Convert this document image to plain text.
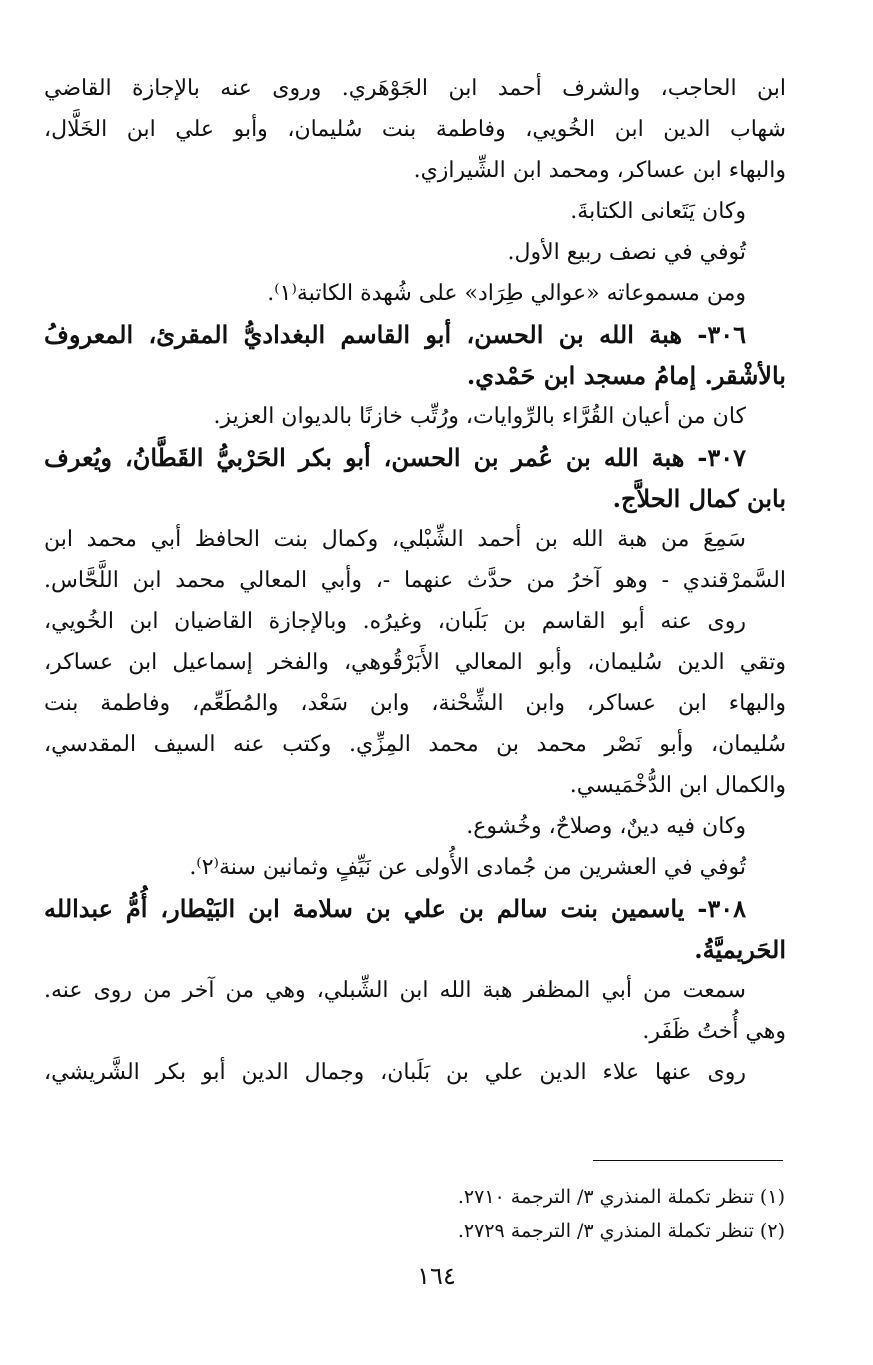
ابن الحاجب، والشرف أحمد ابن الجَوْهَري. وروى عنه بالإجازة القاضي
شهاب الدين ابن الخُويي، وفاطمة بنت سُليمان، وأبو علي ابن الخَلَّال،
والبهاء ابن عساكر، ومحمد ابن الشِّيرازي.
وكان يَتَعانى الكتابةَ.
تُوفي في نصف ربيع الأول.
ومن مسموعاته «عوالي طِرَاد» على شُهدة الكاتبة⁽١⁾.
٣٠٦- هبة الله بن الحسن، أبو القاسم البغداديُّ المقرئ، المعروفُ
بالأشْقر. إمامُ مسجد ابن حَمْدي.
كان من أعيان القُرَّاء بالرِّوايات، ورُتِّب خازنًا بالديوان العزيز.
٣٠٧- هبة الله بن عُمر بن الحسن، أبو بكر الحَرْبيُّ القَطَّانُ، ويُعرف
بابن كمال الحلاَّج.
سَمِعَ من هبة الله بن أحمد الشِّبْلي، وكمال بنت الحافظ أبي محمد ابن
السَّمرْقندي - وهو آخرُ من حدَّث عنهما -، وأبي المعالي محمد ابن اللَّحَّاس.
روى عنه أبو القاسم بن بَلَبان، وغيرُه. وبالإجازة القاضيان ابن الخُويي،
وتقي الدين سُليمان، وأبو المعالي الأَبَرْقُوهي، والفخر إسماعيل ابن عساكر،
والبهاء ابن عساكر، وابن الشِّحْنة، وابن سَعْد، والمُطَعِّم، وفاطمة بنت
سُليمان، وأبو نَصْر محمد بن محمد المِزِّي. وكتب عنه السيف المقدسي،
والكمال ابن الدُّخْمَيسي.
وكان فيه دينٌ، وصلاحٌ، وخُشوع.
تُوفي في العشرين من جُمادى الأُولى عن نَيِّفٍ وثمانين سنة⁽٢⁾.
٣٠٨- ياسمين بنت سالم بن علي بن سلامة ابن البَيْطار، أُمُّ عبدالله
الحَريميَّةُ.
سمعت من أبي المظفر هبة الله ابن الشِّبلي، وهي من آخر من روى عنه.
وهي أُختُ ظَفَر.
روى عنها علاء الدين علي بن بَلَبان، وجمال الدين أبو بكر الشَّريشي،
(١) تنظر تكملة المنذري ٣/ الترجمة ٢٧١٠.
(٢) تنظر تكملة المنذري ٣/ الترجمة ٢٧٢٩.
١٦٤
